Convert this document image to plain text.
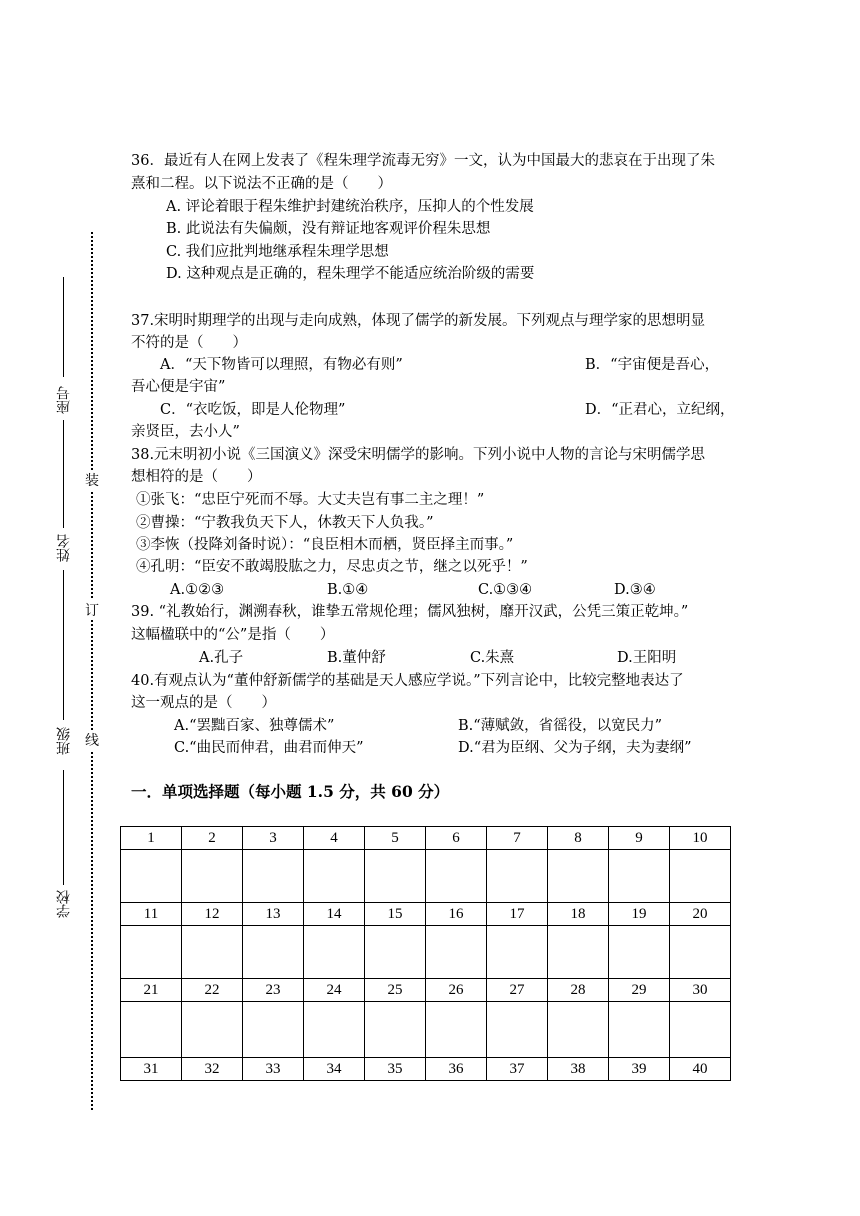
座号
姓名
班级
学校
装
订
线
36．最近有人在网上发表了《程朱理学流毒无穷》一文，认为中国最大的悲哀在于出现了朱
熹和二程。以下说法不正确的是（　　）
A. 评论着眼于程朱维护封建统治秩序，压抑人的个性发展
B. 此说法有失偏颇，没有辩证地客观评价程朱思想
C. 我们应批判地继承程朱理学思想
D. 这种观点是正确的，程朱理学不能适应统治阶级的需要
37.宋明时期理学的出现与走向成熟，体现了儒学的新发展。下列观点与理学家的思想明显
不符的是（　　）
A．“天下物皆可以理照，有物必有则”	B．“宇宙便是吾心，
吾心便是宇宙”
C．“衣吃饭，即是人伦物理”	D．“正君心，立纪纲，
亲贤臣，去小人”
38.元末明初小说《三国演义》深受宋明儒学的影响。下列小说中人物的言论与宋明儒学思
想相符的是（　　）
①张飞：“忠臣宁死而不辱。大丈夫岂有事二主之理！”
②曹操：“宁教我负天下人，休教天下人负我。”
③李恢（投降刘备时说）：“良臣相木而栖，贤臣择主而事。”
④孔明：“臣安不敢竭股肱之力，尽忠贞之节，继之以死乎！”
A.①②③	B.①④	C.①③④	D.③④
39. “礼教始行，渊溯春秋，谁挚五常规伦理；儒风独树，靡开汉武，公凭三策正乾坤。”
这幅楹联中的“公”是指（　　）
A.孔子	B.董仲舒	C.朱熹	D.王阳明
40.有观点认为“董仲舒新儒学的基础是天人感应学说。”下列言论中，比较完整地表达了
这一观点的是（　　）
A.“罢黜百家、独尊儒术”	B.“薄赋敛，省徭役，以宽民力”
C.“曲民而伸君，曲君而伸天”	D.“君为臣纲、父为子纲，夫为妻纲”
一．单项选择题（每小题 1.5 分，共 60 分）
1	2	3	4	5	6	7	8	9	10

11	12	13	14	15	16	17	18	19	20

21	22	23	24	25	26	27	28	29	30

31	32	33	34	35	36	37	38	39	40
